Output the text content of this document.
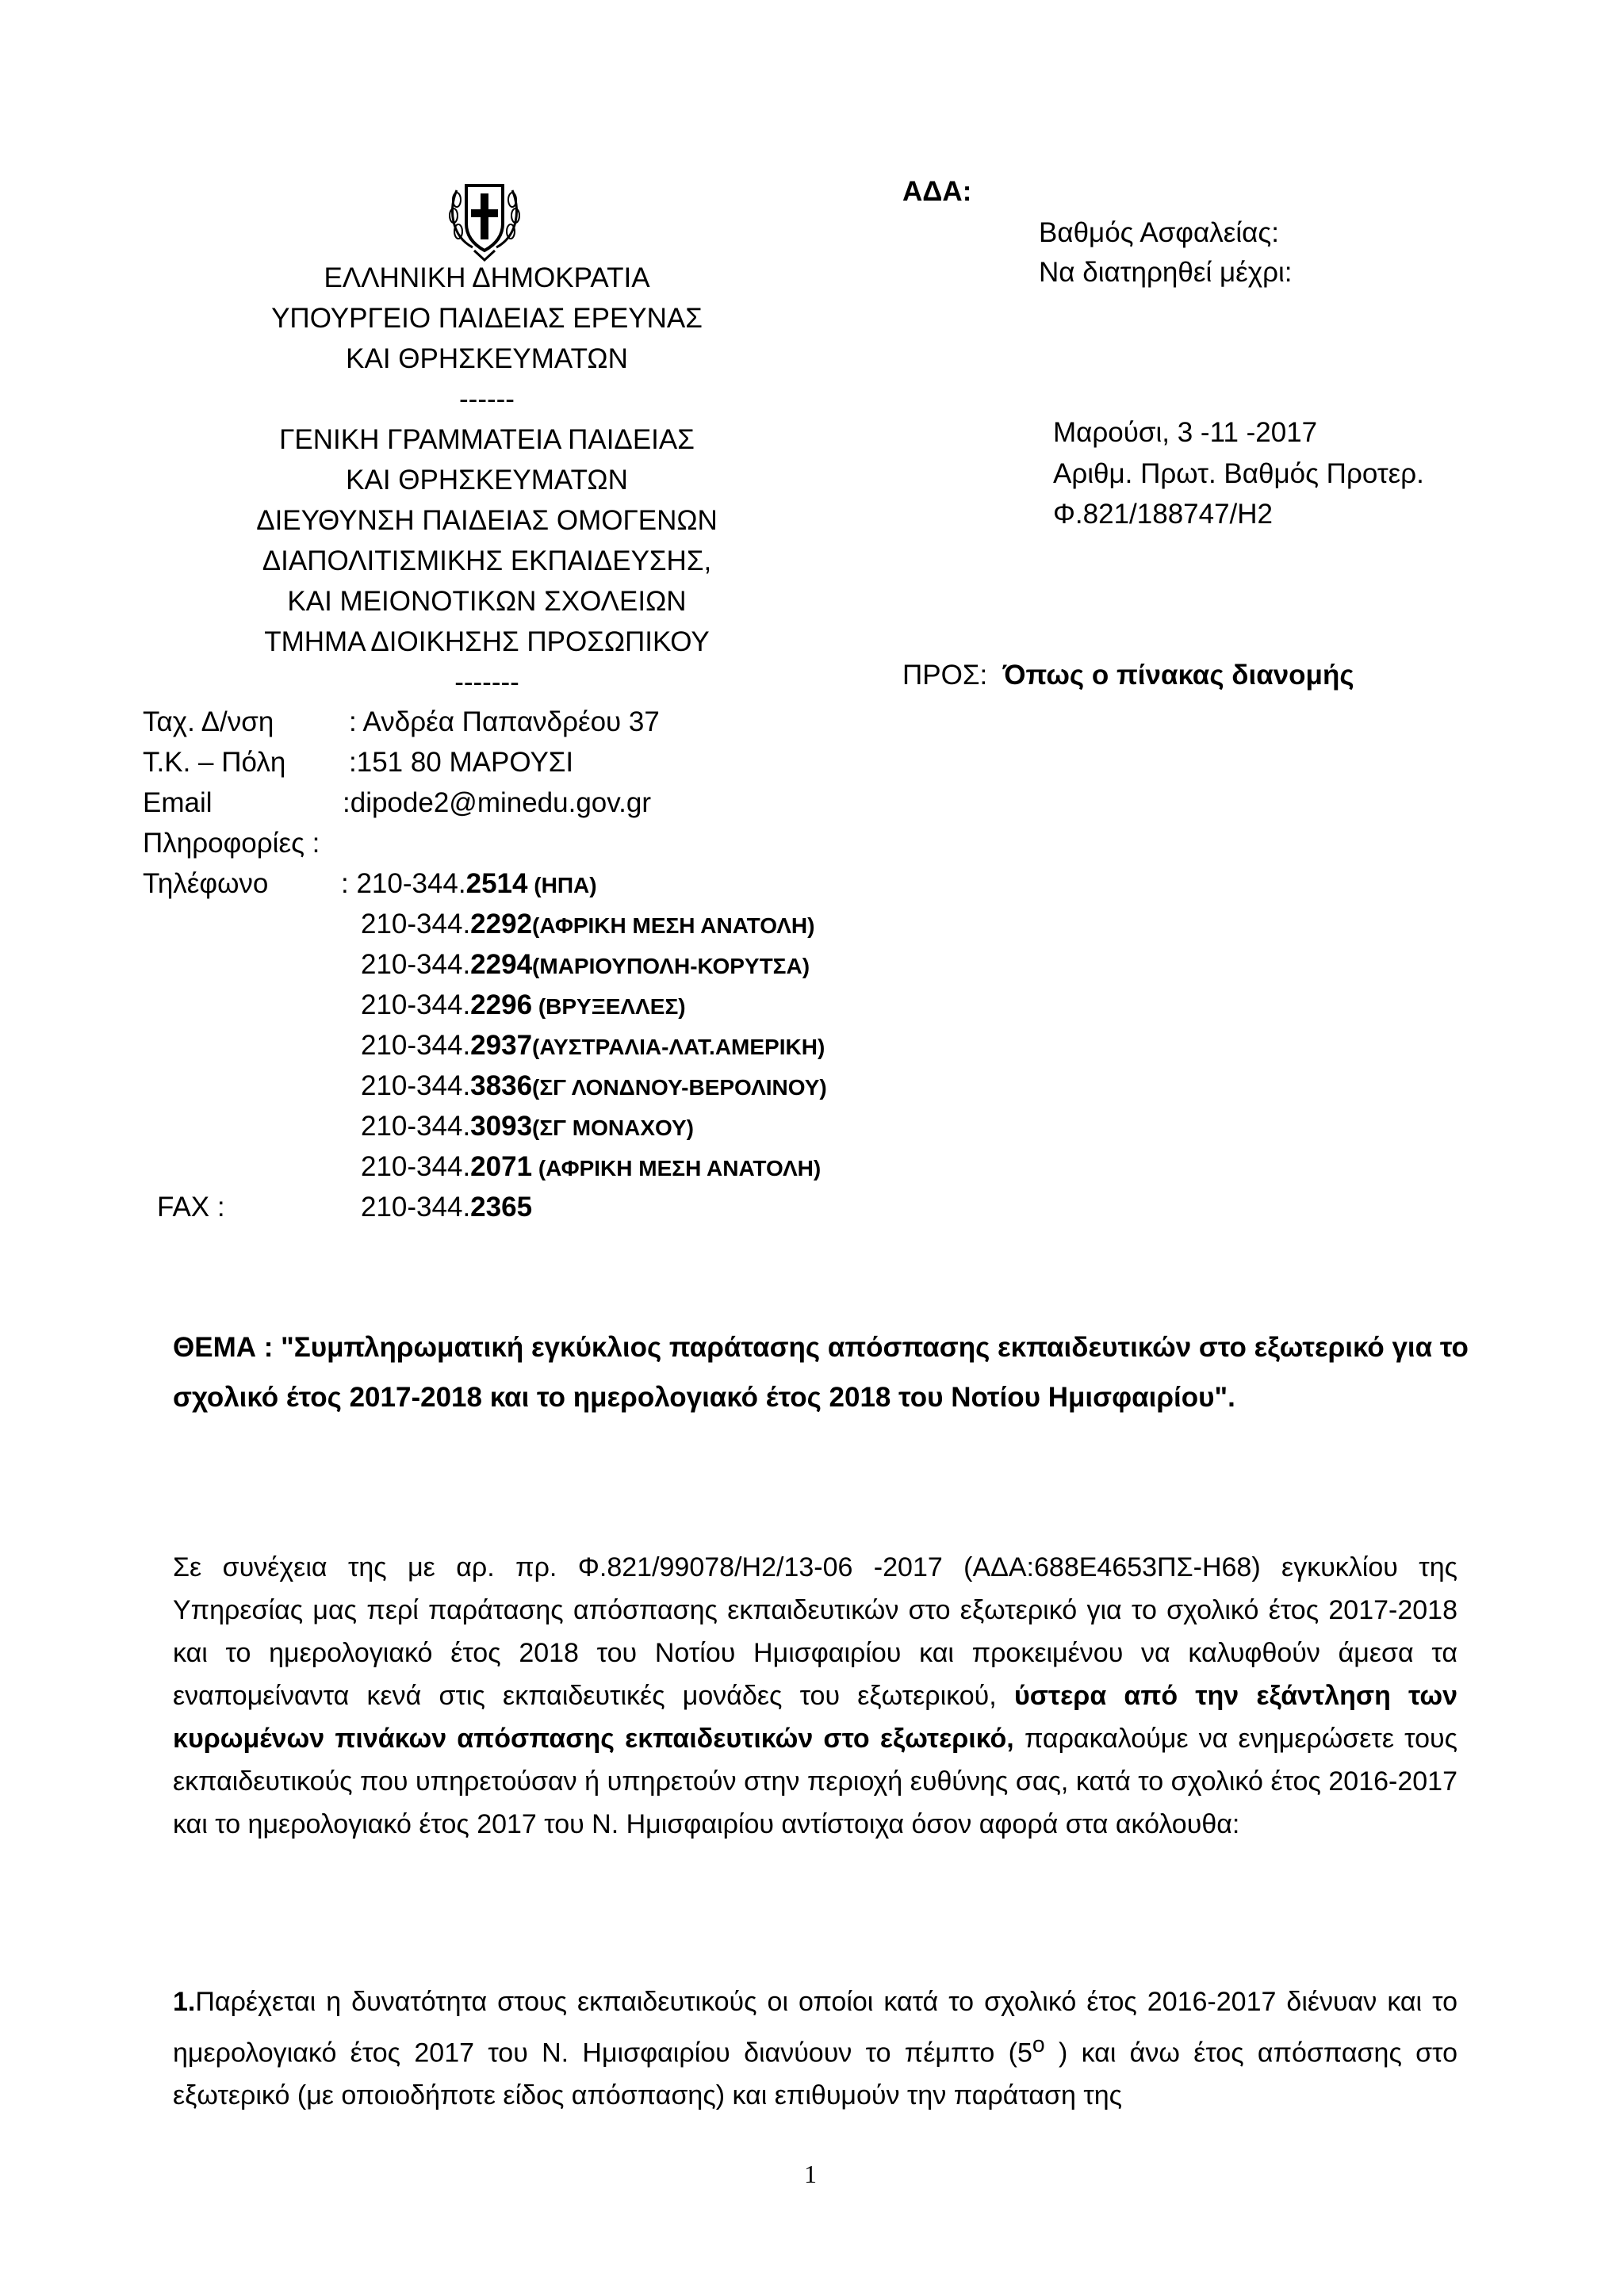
ΕΛΛΗΝΙΚΗ ΔΗΜΟΚΡΑΤΙΑ
ΥΠΟΥΡΓΕΙΟ ΠΑΙΔΕΙΑΣ ΕΡΕΥΝΑΣ
ΚΑΙ ΘΡΗΣΚΕΥΜΑΤΩΝ
------
ΓΕΝΙΚΗ ΓΡΑΜΜΑΤΕΙΑ ΠΑΙΔΕΙΑΣ
ΚΑΙ ΘΡΗΣΚΕΥΜΑΤΩΝ
ΔΙΕΥΘΥΝΣΗ ΠΑΙΔΕΙΑΣ ΟΜΟΓΕΝΩΝ
ΔΙΑΠΟΛΙΤΙΣΜΙΚΗΣ ΕΚΠΑΙΔΕΥΣΗΣ,
ΚΑΙ ΜΕΙΟΝΟΤΙΚΩΝ ΣΧΟΛΕΙΩΝ
ΤΜΗΜΑ ΔΙΟΙΚΗΣΗΣ ΠΡΟΣΩΠΙΚΟΥ
-------
ΑΔΑ:
Βαθμός Ασφαλείας:
Να διατηρηθεί μέχρι:
Μαρούσι, 3 -11 -2017
Αριθμ. Πρωτ. Βαθμός Προτερ.
Φ.821/188747/Η2
ΠΡΟΣ: Όπως ο πίνακας διανομής
Ταχ. Δ/νση	: Ανδρέα Παπανδρέου 37
Τ.Κ. – Πόλη :151 80 ΜΑΡΟΥΣΙ
Email	:dipode2@minedu.gov.gr
Πληροφορίες :
Τηλέφωνο	: 210-344.2514 (ΗΠΑ)
210-344.2292(ΑΦΡΙΚΗ ΜΕΣΗ ΑΝΑΤΟΛΗ)
210-344.2294(ΜΑΡΙΟΥΠΟΛΗ-ΚΟΡΥΤΣΑ)
210-344.2296 (ΒΡΥΞΕΛΛΕΣ)
210-344.2937(ΑΥΣΤΡΑΛΙΑ-ΛΑΤ.ΑΜΕΡΙΚΗ)
210-344.3836(ΣΓ ΛΟΝΔΝΟΥ-ΒΕΡΟΛΙΝΟΥ)
210-344.3093(ΣΓ ΜΟΝΑΧΟΥ)
210-344.2071 (ΑΦΡΙΚΗ ΜΕΣΗ ΑΝΑΤΟΛΗ)
FAX :	210-344.2365
ΘΕΜΑ : "Συμπληρωματική εγκύκλιος παράτασης απόσπασης εκπαιδευτικών στο εξωτερικό για το
σχολικό έτος 2017-2018 και το ημερολογιακό έτος 2018 του Νοτίου Ημισφαιρίου".
Σε συνέχεια της με αρ. πρ. Φ.821/99078/Η2/13-06 -2017 (ΑΔΑ:688Ε4653ΠΣ-Η68) εγκυκλίου της Υπηρεσίας μας περί παράτασης απόσπασης εκπαιδευτικών στο εξωτερικό για το σχολικό έτος 2017-2018 και το ημερολογιακό έτος 2018 του Νοτίου Ημισφαιρίου και προκειμένου να καλυφθούν άμεσα τα εναπομείναντα κενά στις εκπαιδευτικές μονάδες του εξωτερικού, ύστερα από την εξάντληση των κυρωμένων πινάκων απόσπασης εκπαιδευτικών στο εξωτερικό, παρακαλούμε να ενημερώσετε τους εκπαιδευτικούς που υπηρετούσαν ή υπηρετούν στην περιοχή ευθύνης σας, κατά το σχολικό έτος 2016-2017 και το ημερολογιακό έτος 2017 του Ν. Ημισφαιρίου αντίστοιχα όσον αφορά στα ακόλουθα:
1.Παρέχεται η δυνατότητα στους εκπαιδευτικούς οι οποίοι κατά το σχολικό έτος 2016-2017 διένυαν και το ημερολογιακό έτος 2017 του Ν. Ημισφαιρίου διανύουν το πέμπτο ($5^o$ ) και άνω έτος απόσπασης στο εξωτερικό (με οποιοδήποτε είδος απόσπασης) και επιθυμούν την παράταση της
1
